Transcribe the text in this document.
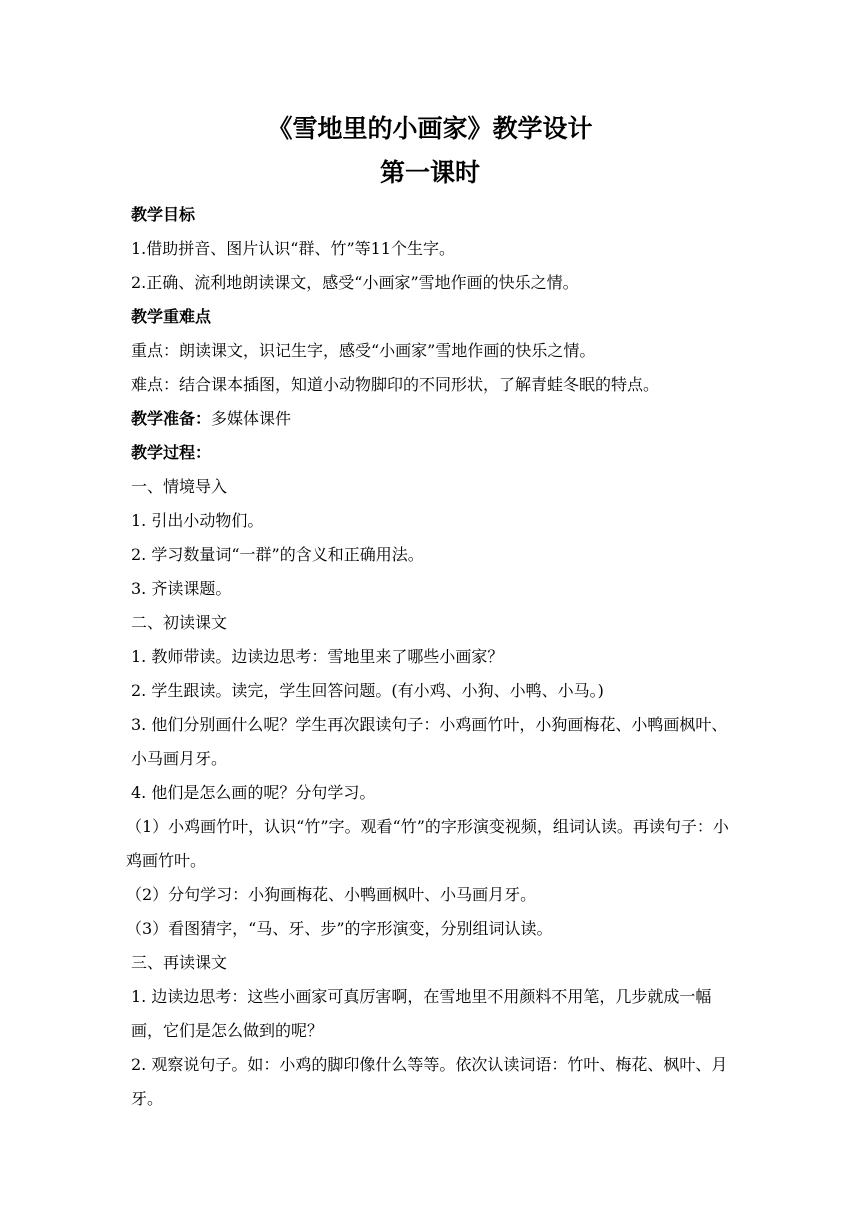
《雪地里的小画家》教学设计
第一课时

教学目标

1.借助拼音、图片认识“群、竹”等11个生字。

2.正确、流利地朗读课文，感受“小画家”雪地作画的快乐之情。

教学重难点

重点：朗读课文，识记生字，感受“小画家”雪地作画的快乐之情。

难点：结合课本插图，知道小动物脚印的不同形状，了解青蛙冬眠的特点。

教学准备：多媒体课件

教学过程：

一、情境导入

1. 引出小动物们。

2. 学习数量词“一群”的含义和正确用法。

3. 齐读课题。

二、初读课文

1. 教师带读。边读边思考：雪地里来了哪些小画家？

2. 学生跟读。读完，学生回答问题。(有小鸡、小狗、小鸭、小马。)

3. 他们分别画什么呢？学生再次跟读句子：小鸡画竹叶，小狗画梅花、小鸭画枫叶、小马画月牙。

4. 他们是怎么画的呢？分句学习。

（1）小鸡画竹叶，认识“竹”字。观看“竹”的字形演变视频，组词认读。再读句子：小鸡画竹叶。

（2）分句学习：小狗画梅花、小鸭画枫叶、小马画月牙。

（3）看图猜字，“马、牙、步”的字形演变，分别组词认读。

三、再读课文

1. 边读边思考：这些小画家可真厉害啊，在雪地里不用颜料不用笔，几步就成一幅画，它们是怎么做到的呢？

2. 观察说句子。如：小鸡的脚印像什么等等。依次认读词语：竹叶、梅花、枫叶、月牙。
